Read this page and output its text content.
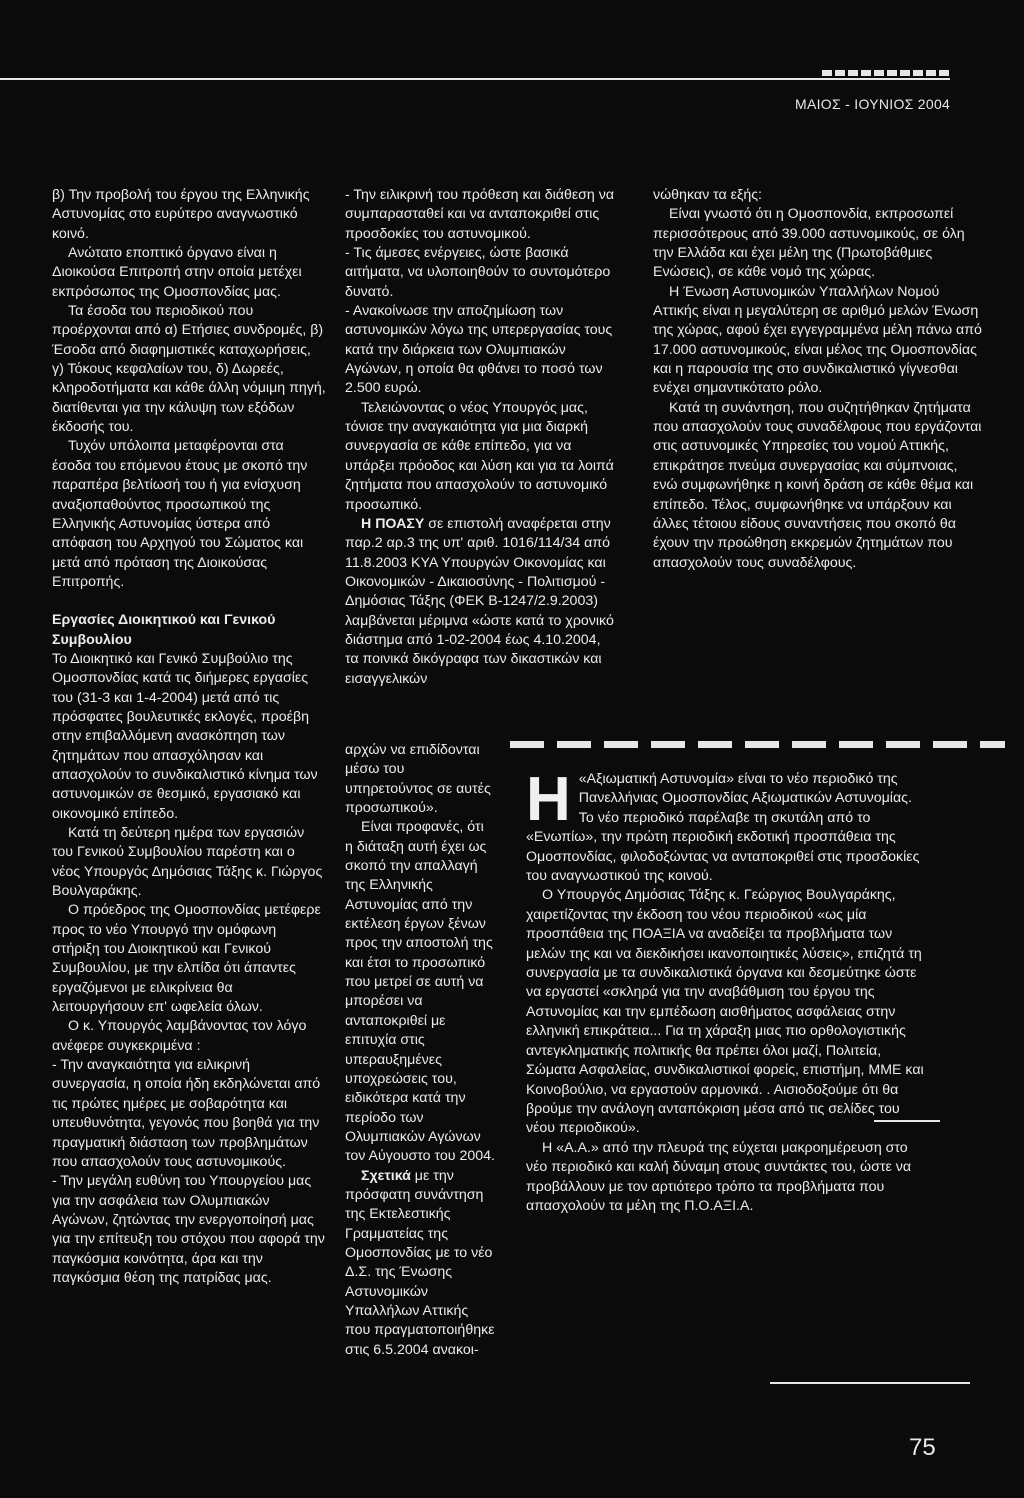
ΜΑΙΟΣ - ΙΟΥΝΙΟΣ 2004

β) Την προβολή του έργου της Ελληνικής Αστυνομίας στο ευρύτερο αναγνωστικό κοινό.

Ανώτατο εποπτικό όργανο είναι η Διοικούσα Επιτροπή στην οποία μετέχει εκπρόσωπος της Ομοσπονδίας μας.

Τα έσοδα του περιοδικού που προέρχονται από α) Ετήσιες συνδρομές, β) Έσοδα από διαφημιστικές καταχωρήσεις, γ) Τόκους κεφαλαίων του, δ) Δωρεές, κληροδοτήματα και κάθε άλλη νόμιμη πηγή, διατίθενται για την κάλυψη των εξόδων έκδοσής του.

Τυχόν υπόλοιπα μεταφέρονται στα έσοδα του επόμενου έτους με σκοπό την παραπέρα βελτίωσή του ή για ενίσχυση αναξιοπαθούντος προσωπικού της Ελληνικής Αστυνομίας ύστερα από απόφαση του Αρχηγού του Σώματος και μετά από πρόταση της Διοικούσας Επιτροπής.

Εργασίες Διοικητικού και Γενικού Συμβουλίου

Το Διοικητικό και Γενικό Συμβούλιο της Ομοσπονδίας κατά τις διήμερες εργασίες του (31-3 και 1-4-2004) μετά από τις πρόσφατες βουλευτικές εκλογές, προέβη στην επιβαλλόμενη ανασκόπηση των ζητημάτων που απασχόλησαν και απασχολούν το συνδικαλιστικό κίνημα των αστυνομικών σε θεσμικό, εργασιακό και οικονομικό επίπεδο.

Κατά τη δεύτερη ημέρα των εργασιών του Γενικού Συμβουλίου παρέστη και ο νέος Υπουργός Δημόσιας Τάξης κ. Γιώργος Βουλγαράκης.

Ο πρόεδρος της Ομοσπονδίας μετέφερε προς το νέο Υπουργό την ομόφωνη στήριξη του Διοικητικού και Γενικού Συμβουλίου, με την ελπίδα ότι άπαντες εργαζόμενοι με ειλικρίνεια θα λειτουργήσουν επ' ωφελεία όλων.

Ο κ. Υπουργός λαμβάνοντας τον λόγο ανέφερε συγκεκριμένα :

- Την αναγκαιότητα για ειλικρινή συνεργασία, η οποία ήδη εκδηλώνεται από τις πρώτες ημέρες με σοβαρότητα και υπευθυνότητα, γεγονός που βοηθά για την πραγματική διάσταση των προβλημάτων που απασχολούν τους αστυνομικούς.

- Την μεγάλη ευθύνη του Υπουργείου μας για την ασφάλεια των Ολυμπιακών Αγώνων, ζητώντας την ενεργοποίησή μας για την επίτευξη του στόχου που αφορά την παγκόσμια κοινότητα, άρα και την παγκόσμια θέση της πατρίδας μας.

- Την ειλικρινή του πρόθεση και διάθεση να συμπαρασταθεί και να ανταποκριθεί στις προσδοκίες του αστυνομικού.

- Τις άμεσες ενέργειες, ώστε βασικά αιτήματα, να υλοποιηθούν το συντομότερο δυνατό.

- Ανακοίνωσε την αποζημίωση των αστυνομικών λόγω της υπερεργασίας τους κατά την διάρκεια των Ολυμπιακών Αγώνων, η οποία θα φθάνει το ποσό των 2.500 ευρώ.

Τελειώνοντας ο νέος Υπουργός μας, τόνισε την αναγκαιότητα για μια διαρκή συνεργασία σε κάθε επίπεδο, για να υπάρξει πρόοδος και λύση και για τα λοιπά ζητήματα που απασχολούν το αστυνομικό προσωπικό.

Η ΠΟΑΣΥ σε επιστολή αναφέρεται στην παρ.2 αρ.3 της υπ' αριθ. 1016/114/34 από 11.8.2003 ΚΥΑ Υπουργών Οικονομίας και Οικονομικών - Δικαιοσύνης - Πολιτισμού - Δημόσιας Τάξης (ΦΕΚ Β-1247/2.9.2003) λαμβάνεται μέριμνα «ώστε κατά το χρονικό διάστημα από 1-02-2004 έως 4.10.2004, τα ποινικά δικόγραφα των δικαστικών και εισαγγελικών

αρχών να επιδίδονται μέσω του υπηρετούντος σε αυτές προσωπικού».

Είναι προφανές, ότι η διάταξη αυτή έχει ως σκοπό την απαλλαγή της Ελληνικής Αστυνομίας από την εκτέλεση έργων ξένων προς την αποστολή της και έτσι το προσωπικό που μετρεί σε αυτή να μπορέσει να ανταποκριθεί με επιτυχία στις υπεραυξημένες υποχρεώσεις του, ειδικότερα κατά την περίοδο των Ολυμπιακών Αγώνων τον Αύγουστο του 2004.

Σχετικά με την πρόσφατη συνάντηση της Εκτελεστικής Γραμματείας της Ομοσπονδίας με το νέο Δ.Σ. της Ένωσης Αστυνομικών Υπαλλήλων Αττικής που πραγματοποιήθηκε στις 6.5.2004 ανακοι-

νώθηκαν τα εξής:

Είναι γνωστό ότι η Ομοσπονδία, εκπροσωπεί περισσότερους από 39.000 αστυνομικούς, σε όλη την Ελλάδα και έχει μέλη της (Πρωτοβάθμιες Ενώσεις), σε κάθε νομό της χώρας.

Η Ένωση Αστυνομικών Υπαλλήλων Νομού Αττικής είναι η μεγαλύτερη σε αριθμό μελών Ένωση της χώρας, αφού έχει εγγεγραμμένα μέλη πάνω από 17.000 αστυνομικούς, είναι μέλος της Ομοσπονδίας και η παρουσία της στο συνδικαλιστικό γίγνεσθαι ενέχει σημαντικότατο ρόλο.

Κατά τη συνάντηση, που συζητήθηκαν ζητήματα που απασχολούν τους συναδέλφους που εργάζονται στις αστυνομικές Υπηρεσίες του νομού Αττικής, επικράτησε πνεύμα συνεργασίας και σύμπνοιας, ενώ συμφωνήθηκε η κοινή δράση σε κάθε θέμα και επίπεδο. Τέλος, συμφωνήθηκε να υπάρξουν και άλλες τέτοιου είδους συναντήσεις που σκοπό θα έχουν την προώθηση εκκρεμών ζητημάτων που απασχολούν τους συναδέλφους.

Η «Αξιωματική Αστυνομία» είναι το νέο περιοδικό της Πανελλήνιας Ομοσπονδίας Αξιωματικών Αστυνομίας. Το νέο περιοδικό παρέλαβε τη σκυτάλη από το «Ενωπίω», την πρώτη περιοδική εκδοτική προσπάθεια της Ομοσπονδίας, φιλοδοξώντας να ανταποκριθεί στις προσδοκίες του αναγνωστικού της κοινού.

Ο Υπουργός Δημόσιας Τάξης κ. Γεώργιος Βουλγαράκης, χαιρετίζοντας την έκδοση του νέου περιοδικού «ως μία προσπάθεια της ΠΟΑΞΙΑ να αναδείξει τα προβλήματα των μελών της και να διεκδικήσει ικανοποιητικές λύσεις», επιζητά τη συνεργασία με τα συνδικαλιστικά όργανα και δεσμεύτηκε ώστε να εργαστεί «σκληρά για την αναβάθμιση του έργου της Αστυνομίας και την εμπέδωση αισθήματος ασφάλειας στην ελληνική επικράτεια... Για τη χάραξη μιας πιο ορθολογιστικής αντεγκληματικής πολιτικής θα πρέπει όλοι μαζί, Πολιτεία, Σώματα Ασφαλείας, συνδικαλιστικοί φορείς, επιστήμη, ΜΜΕ και Κοινοβούλιο, να εργαστούν αρμονικά. . Αισιοδοξούμε ότι θα βρούμε την ανάλογη ανταπόκριση μέσα από τις σελίδες του νέου περιοδικού».

Η «Α.Α.» από την πλευρά της εύχεται μακροημέρευση στο νέο περιοδικό και καλή δύναμη στους συντάκτες του, ώστε να προβάλλουν με τον αρτιότερο τρόπο τα προβλήματα που απασχολούν τα μέλη της Π.Ο.ΑΞΙ.Α.

75
